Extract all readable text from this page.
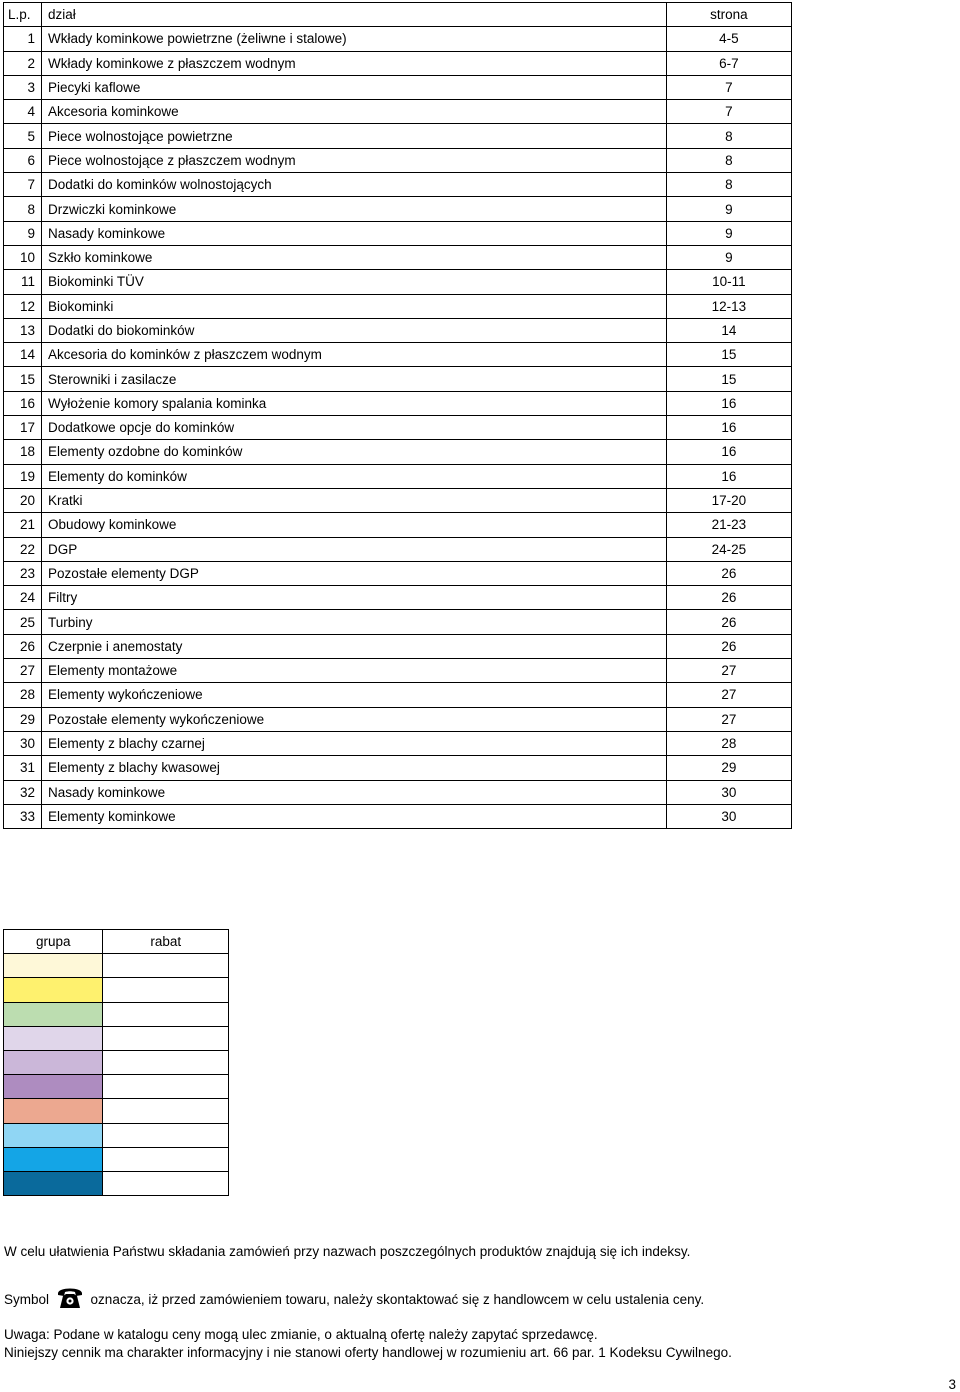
L.p.	dział	strona
1	Wkłady kominkowe powietrzne (żeliwne i stalowe)	4-5
2	Wkłady kominkowe z płaszczem wodnym	6-7
3	Piecyki kaflowe	7
4	Akcesoria kominkowe	7
5	Piece wolnostojące powietrzne	8
6	Piece wolnostojące z płaszczem wodnym	8
7	Dodatki do kominków wolnostojących	8
8	Drzwiczki kominkowe	9
9	Nasady kominkowe	9
10	Szkło kominkowe	9
11	Biokominki TÜV	10-11
12	Biokominki	12-13
13	Dodatki do biokominków	14
14	Akcesoria do kominków z płaszczem wodnym	15
15	Sterowniki i zasilacze	15
16	Wyłożenie komory spalania kominka	16
17	Dodatkowe opcje do kominków	16
18	Elementy ozdobne do kominków	16
19	Elementy do kominków	16
20	Kratki	17-20
21	Obudowy kominkowe	21-23
22	DGP	24-25
23	Pozostałe elementy DGP	26
24	Filtry	26
25	Turbiny	26
26	Czerpnie i anemostaty	26
27	Elementy montażowe	27
28	Elementy wykończeniowe	27
29	Pozostałe elementy wykończeniowe	27
30	Elementy z blachy czarnej	28
31	Elementy z blachy kwasowej	29
32	Nasady kominkowe	30
33	Elementy kominkowe	30
grupa	rabat

W celu ułatwienia Państwu składania zamówień przy nazwach poszczególnych produktów znajdują się ich indeksy.
Symbol	oznacza, iż przed zamówieniem towaru, należy skontaktować się z handlowcem w celu ustalenia ceny.
Uwaga: Podane w katalogu ceny mogą ulec zmianie, o aktualną ofertę należy zapytać sprzedawcę.
Niniejszy cennik ma charakter informacyjny i nie stanowi oferty handlowej w rozumieniu art. 66 par. 1 Kodeksu Cywilnego.
3
